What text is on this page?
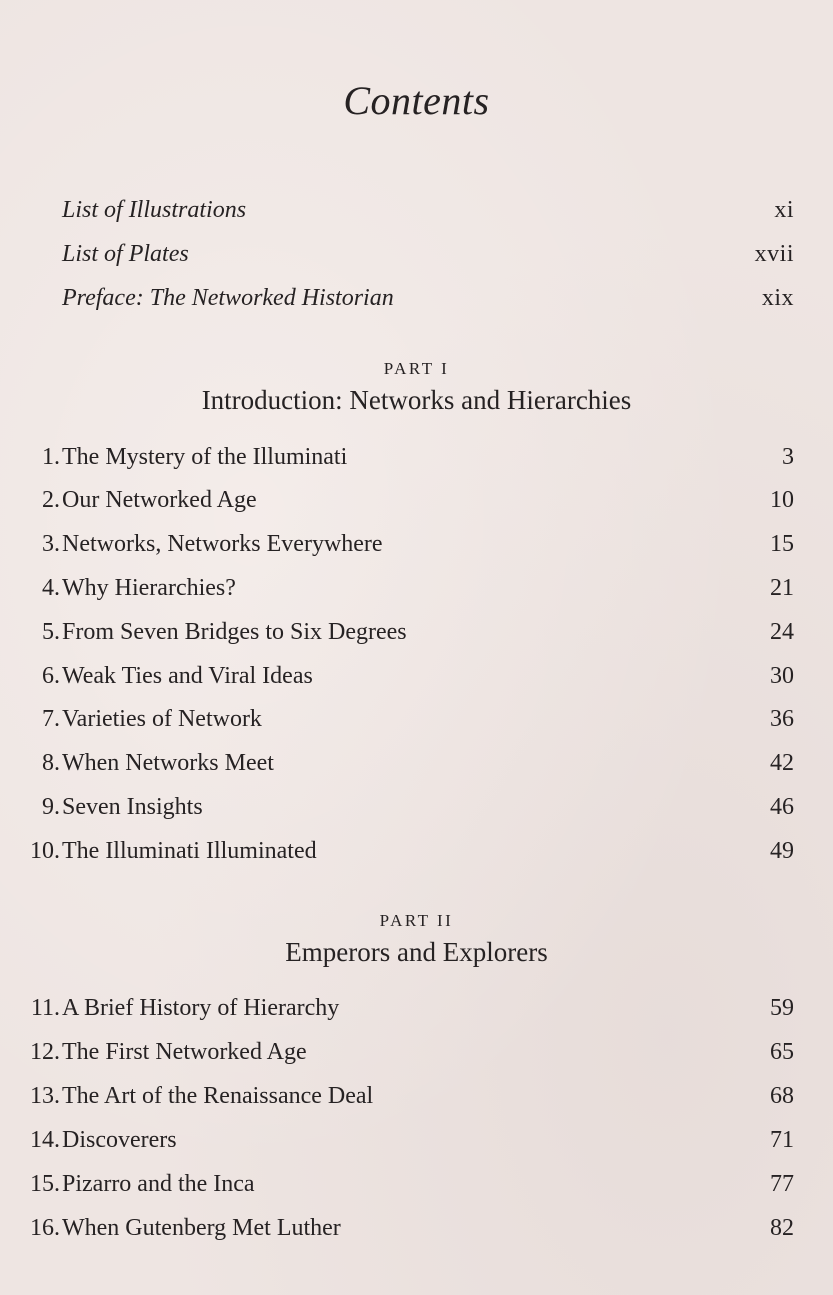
Contents
List of Illustrations	xi
List of Plates	xvii
Preface: The Networked Historian	xix
PART I
Introduction: Networks and Hierarchies
1. The Mystery of the Illuminati	3
2. Our Networked Age	10
3. Networks, Networks Everywhere	15
4. Why Hierarchies?	21
5. From Seven Bridges to Six Degrees	24
6. Weak Ties and Viral Ideas	30
7. Varieties of Network	36
8. When Networks Meet	42
9. Seven Insights	46
10. The Illuminati Illuminated	49
PART II
Emperors and Explorers
11. A Brief History of Hierarchy	59
12. The First Networked Age	65
13. The Art of the Renaissance Deal	68
14. Discoverers	71
15. Pizarro and the Inca	77
16. When Gutenberg Met Luther	82
